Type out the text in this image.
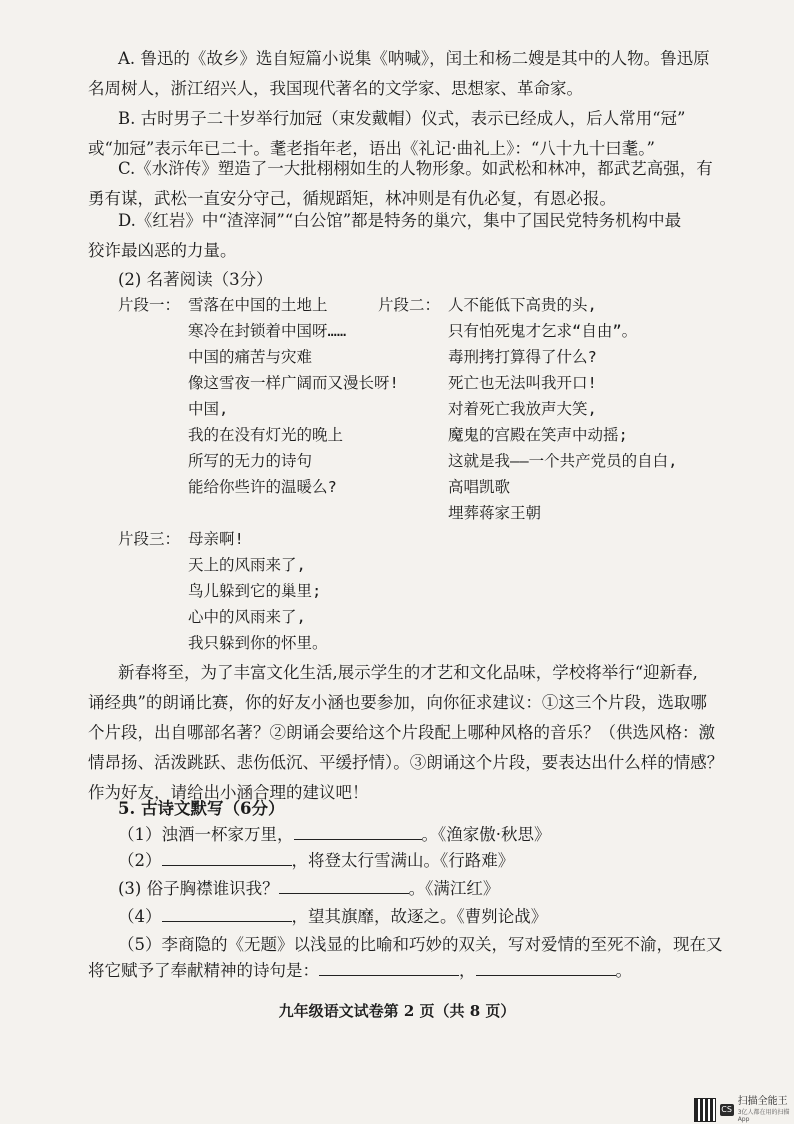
A. 鲁迅的《故乡》选自短篇小说集《呐喊》，闰土和杨二嫂是其中的人物。鲁迅原
名周树人，浙江绍兴人，我国现代著名的文学家、思想家、革命家。
B. 古时男子二十岁举行加冠（束发戴帽）仪式，表示已经成人，后人常用“冠”
或“加冠”表示年已二十。耄老指年老，语出《礼记·曲礼上》：“八十九十曰耄。”
C.《水浒传》塑造了一大批栩栩如生的人物形象。如武松和林冲，都武艺高强，有
勇有谋，武松一直安分守己，循规蹈矩，林冲则是有仇必复，有恩必报。
D.《红岩》中“渣滓洞”“白公馆”都是特务的巢穴，集中了国民党特务机构中最
狡诈最凶恶的力量。
(2) 名著阅读（3分）
片段一： 雪落在中国的土地上
寒冷在封锁着中国呀……
中国的痛苦与灾难
像这雪夜一样广阔而又漫长呀!
中国,
我的在没有灯光的晚上
所写的无力的诗句
能给你些许的温暖么?
片段二： 人不能低下高贵的头,
只有怕死鬼才乞求“自由”。
毒刑拷打算得了什么?
死亡也无法叫我开口!
对着死亡我放声大笑,
魔鬼的宫殿在笑声中动摇;
这就是我——一个共产党员的自白,
高唱凯歌
埋葬蒋家王朝
片段三： 母亲啊!
天上的风雨来了,
鸟儿躲到它的巢里;
心中的风雨来了,
我只躲到你的怀里。
新春将至，为了丰富文化生活,展示学生的才艺和文化品味，学校将举行“迎新春,
诵经典”的朗诵比赛，你的好友小涵也要参加，向你征求建议：①这三个片段，选取哪
个片段，出自哪部名著？②朗诵会要给这个片段配上哪种风格的音乐？（供选风格：激
情昂扬、活泼跳跃、悲伤低沉、平缓抒情）。③朗诵这个片段，要表达出什么样的情感？
作为好友，请给出小涵合理的建议吧！
5. 古诗文默写（6分）
（1）浊酒一杯家万里，	。《渔家傲·秋思》
（2）	，将登太行雪满山。《行路难》
(3) 俗子胸襟谁识我？	。《满江红》
（4）	，望其旗靡，故逐之。《曹刿论战》
（5）李商隐的《无题》以浅显的比喻和巧妙的双关，写对爱情的至死不渝，现在又
将它赋予了奉献精神的诗句是：	，	。
九年级语文试卷第 2 页（共 8 页）
CS
扫描全能王
3亿人都在用的扫描App
